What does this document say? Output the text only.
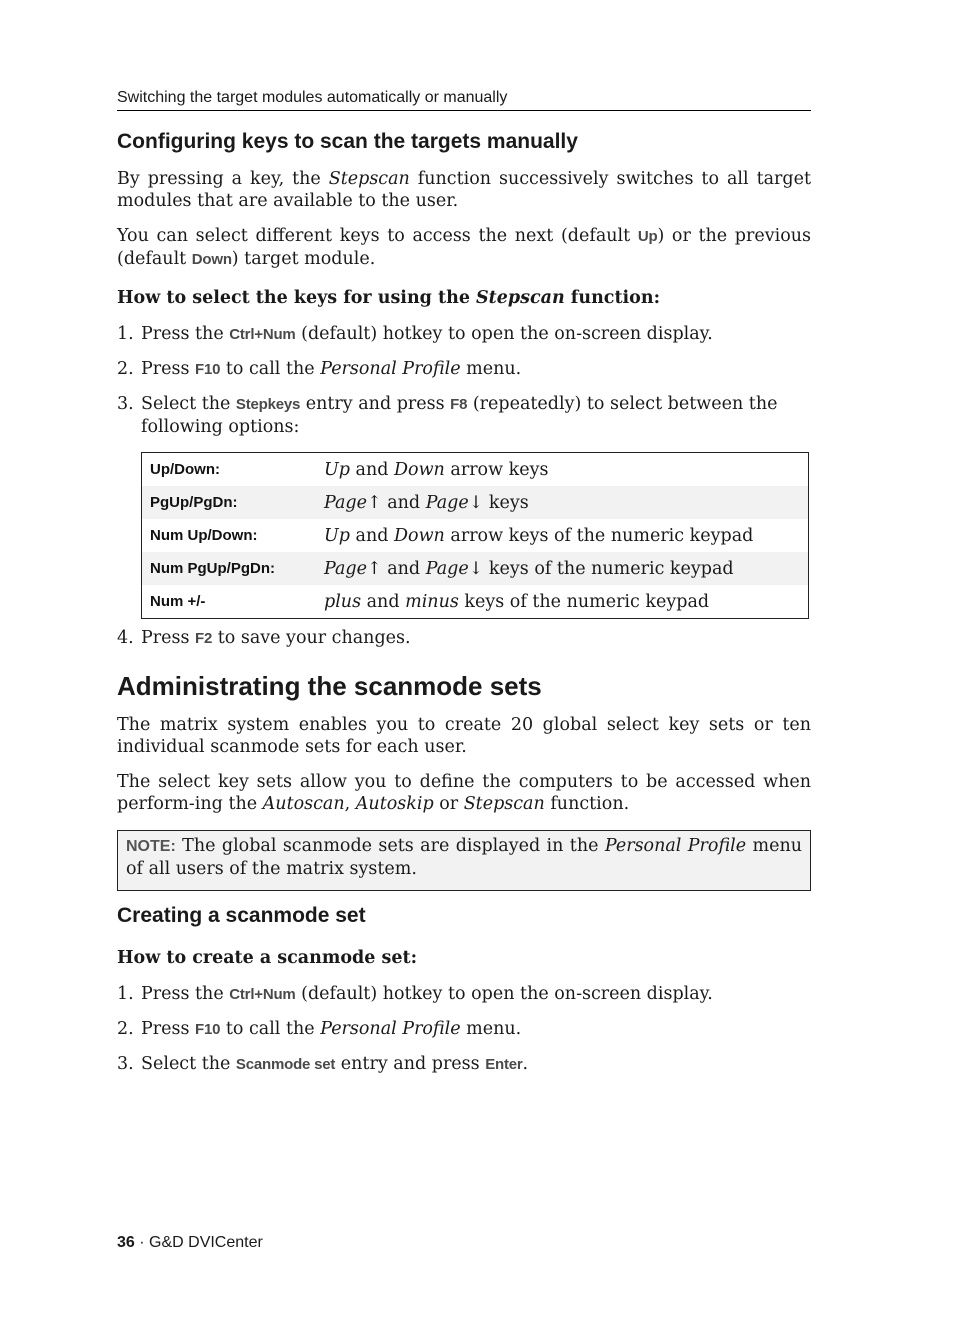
Switching the target modules automatically or manually
Configuring keys to scan the targets manually

By pressing a key, the Stepscan function successively switches to all target modules that are available to the user.

You can select different keys to access the next (default Up) or the previous (default Down) target module.

How to select the keys for using the Stepscan function:

1. Press the Ctrl+Num (default) hotkey to open the on-screen display.
2. Press F10 to call the Personal Profile menu.
3. Select the Stepkeys entry and press F8 (repeatedly) to select between the following options:
Up/Down:	Up and Down arrow keys
PgUp/PgDn:	Page↑ and Page↓ keys
Num Up/Down:	Up and Down arrow keys of the numeric keypad
Num PgUp/PgDn:	Page↑ and Page↓ keys of the numeric keypad
Num +/-	plus and minus keys of the numeric keypad
4. Press F2 to save your changes.
Administrating the scanmode sets

The matrix system enables you to create 20 global select key sets or ten individual scanmode sets for each user.

The select key sets allow you to define the computers to be accessed when perform-ing the Autoscan, Autoskip or Stepscan function.

NOTE: The global scanmode sets are displayed in the Personal Profile menu of all users of the matrix system.
Creating a scanmode set

How to create a scanmode set:

1. Press the Ctrl+Num (default) hotkey to open the on-screen display.
2. Press F10 to call the Personal Profile menu.
3. Select the Scanmode set entry and press Enter.
36 · G&D DVICenter
